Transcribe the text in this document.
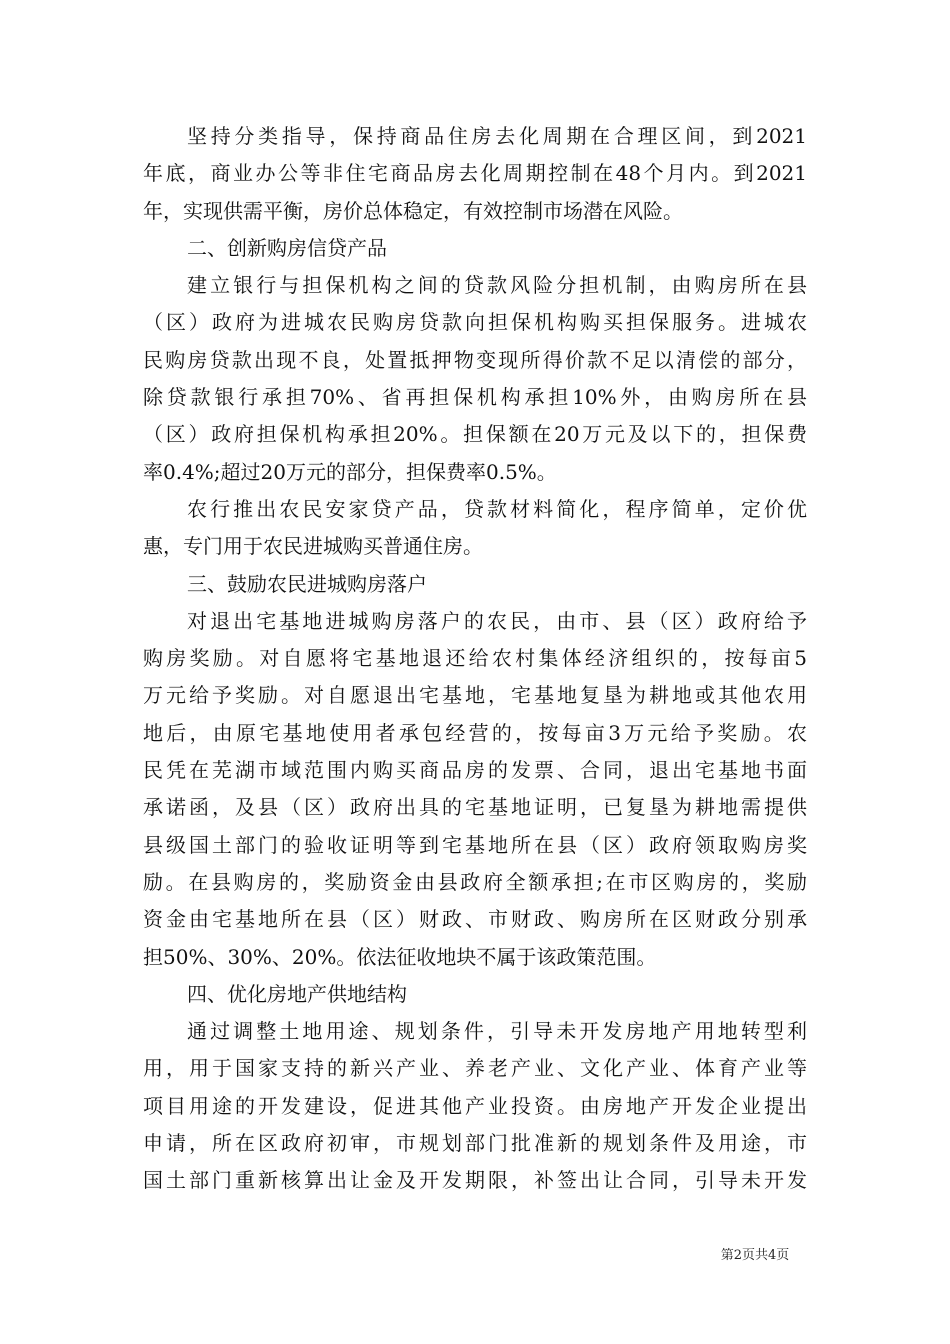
坚持分类指导，保持商品住房去化周期在合理区间，到2021
年底，商业办公等非住宅商品房去化周期控制在48个月内。到2021
年，实现供需平衡，房价总体稳定，有效控制市场潜在风险。
二、创新购房信贷产品
建立银行与担保机构之间的贷款风险分担机制，由购房所在县
（区）政府为进城农民购房贷款向担保机构购买担保服务。进城农
民购房贷款出现不良，处置抵押物变现所得价款不足以清偿的部分，
除贷款银行承担70%、省再担保机构承担10%外，由购房所在县
（区）政府担保机构承担20%。担保额在20万元及以下的，担保费
率0.4%;超过20万元的部分，担保费率0.5%。
农行推出农民安家贷产品，贷款材料简化，程序简单，定价优
惠，专门用于农民进城购买普通住房。
三、鼓励农民进城购房落户
对退出宅基地进城购房落户的农民，由市、县（区）政府给予
购房奖励。对自愿将宅基地退还给农村集体经济组织的，按每亩5
万元给予奖励。对自愿退出宅基地，宅基地复垦为耕地或其他农用
地后，由原宅基地使用者承包经营的，按每亩3万元给予奖励。农
民凭在芜湖市域范围内购买商品房的发票、合同，退出宅基地书面
承诺函，及县（区）政府出具的宅基地证明，已复垦为耕地需提供
县级国土部门的验收证明等到宅基地所在县（区）政府领取购房奖
励。在县购房的，奖励资金由县政府全额承担;在市区购房的，奖励
资金由宅基地所在县（区）财政、市财政、购房所在区财政分别承
担50%、30%、20%。依法征收地块不属于该政策范围。
四、优化房地产供地结构
通过调整土地用途、规划条件，引导未开发房地产用地转型利
用，用于国家支持的新兴产业、养老产业、文化产业、体育产业等
项目用途的开发建设，促进其他产业投资。由房地产开发企业提出
申请，所在区政府初审，市规划部门批准新的规划条件及用途，市
国土部门重新核算出让金及开发期限，补签出让合同，引导未开发
第2页共4页
